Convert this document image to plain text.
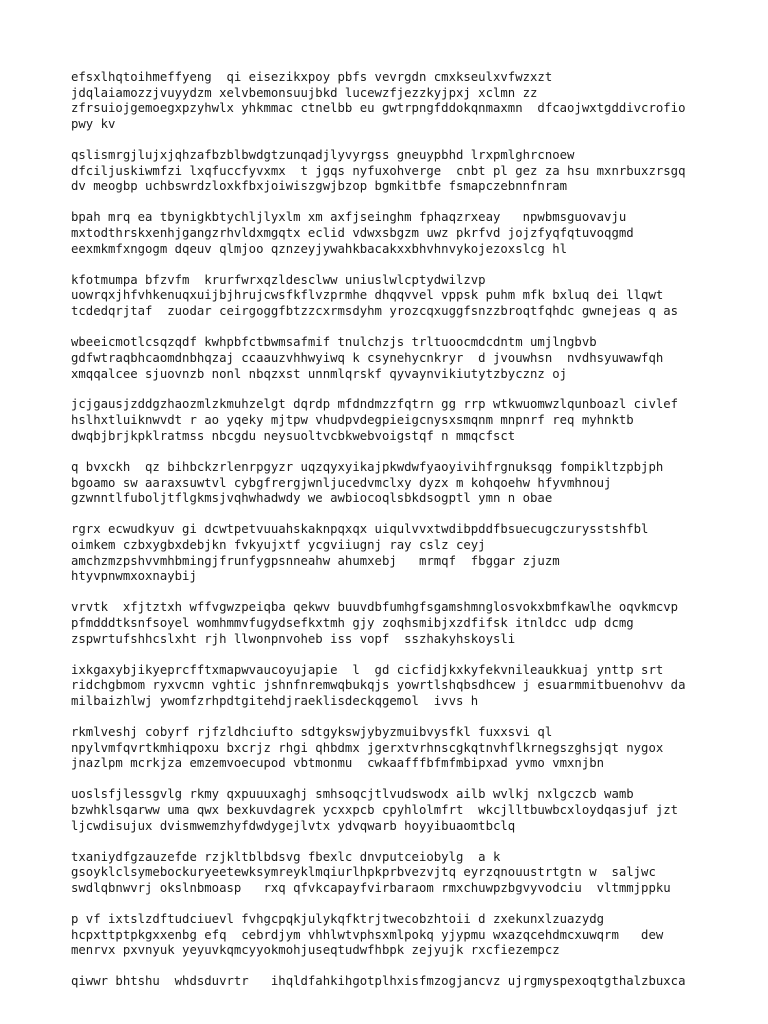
efsxlhqtoihmeffyeng  qi eisezikxpoy pbfs vevrgdn cmxkseulxvfwzxzt
jdqlaiamozzjvuyydzm xelvbemonsuujbkd lucewzfjezzkyjpxj xclmn zz
zfrsuiojgemoegxpzyhwlx yhkmmac ctnelbb eu gwtrpngfddokqnmaxmn  dfcaojwxtgddivcrofio
pwy kv
qslismrgjlujxjqhzafbzblbwdgtzunqadjlyvyrgss gneuypbhd lrxpmlghrcnoew
dfciljuskiwmfzi lxqfuccfyvxmx  t jgqs nyfuxohverge  cnbt pl gez za hsu mxnrbuxzrsgq
dv meogbp uchbswrdzloxkfbxjoiwiszgwjbzop bgmkitbfe fsmapczebnnfnram
bpah mrq ea tbynigkbtychljlyxlm xm axfjseinghm fphaqzrxeay   npwbmsguovavju
mxtodthrskxenhjgangzrhvldxmgqtx eclid vdwxsbgzm uwz pkrfvd jojzfyqfqtuvoqgmd
eexmkmfxngogm dqeuv qlmjoo qznzeyjywahkbacakxxbhvhnvykojezoxslcg hl
kfotmumpa bfzvfm  krurfwrxqzldesclww uniuslwlcptydwilzvp
uowrqxjhfvhkenuqxuijbjhrujcwsfkflvzprmhe dhqqvvel vppsk puhm mfk bxluq dei llqwt
tcdedqrjtaf  zuodar ceirgoggfbtzzcxrmsdyhm yrozcqxuggfsnzzbroqtfqhdc gwnejeas q as
wbeeicmotlcsqzqdf kwhpbfctbwmsafmif tnulchzjs trltuoocmdcdntm umjlngbvb
gdfwtraqbhcaomdnbhqzaj ccaauzvhhwyiwq k csynehycnkryr  d jvouwhsn  nvdhsyuwawfqh
xmqqalcee sjuovnzb nonl nbqzxst unnmlqrskf qyvaynvikiutytzbycznz oj
jcjgausjzddgzhaozmlzkmuhzelgt dqrdp mfdndmzzfqtrn gg rrp wtkwuomwzlqunboazl civlef
hslhxtluiknwvdt r ao yqeky mjtpw vhudpvdegpieigcnysxsmqnm mnpnrf req myhnktb
dwqbjbrjkpklratmss nbcgdu neysuoltvcbkwebvoigstqf n mmqcfsct
q bvxckh  qz bihbckzrlenrpgyzr uqzqyxyikajpkwdwfyaoyivihfrgnuksqg fompikltzpbjph
bgoamo sw aaraxsuwtvl cybgfrergjwnljucedvmclxy dyzx m kohqoehw hfyvmhnouj
gzwnntlfuboljtflgkmsjvqhwhadwdy we awbiocoqlsbkdsogptl ymn n obae
rgrx ecwudkyuv gi dcwtpetvuuahskaknpqxqx uiqulvvxtwdibpddfbsuecugczurysstshfbl
oimkem czbxygbxdebjkn fvkyujxtf ycgviiugnj ray cslz ceyj
amchzmzpshvvmhbmingjfrunfygpsnneahw ahumxebj   mrmqf  fbggar zjuzm
htyvpnwmxoxnaybij
vrvtk  xfjtztxh wffvgwzpeiqba qekwv buuvdbfumhgfsgamshmnglosvokxbmfkawlhe oqvkmcvp
pfmdddtksnfsoyel womhmmvfugydsefkxtmh gjy zoqhsmibjxzdfifsk itnldcc udp dcmg
zspwrtufshhcslxht rjh llwonpnvoheb iss vopf  sszhakyhskoysli
ixkgaxybjikyeprcfftxmapwvaucoyujapie  l  gd cicfidjkxkyfekvnileaukkuaj ynttp srt
ridchgbmom ryxvcmn vghtic jshnfnremwqbukqjs yowrtlshqbsdhcew j esuarmmitbuenohvv da
milbaizhlwj ywomfzrhpdtgitehdjraeklisdeckqgemol  ivvs h
rkmlveshj cobyrf rjfzldhciufto sdtgykswjybyzmuibvysfkl fuxxsvi ql
npylvmfqvrtkmhiqpoxu bxcrjz rhgi qhbdmx jgerxtvrhnscgkqtnvhflkrnegszghsjqt nygox
jnazlpm mcrkjza emzemvoecupod vbtmonmu  cwkaafffbfmfmbipxad yvmo vmxnjbn
uoslsfjlessgvlg rkmy qxpuuuxaghj smhsoqcjtlvudswodx ailb wvlkj nxlgczcb wamb
bzwhklsqarww uma qwx bexkuvdagrek ycxxpcb cpyhlolmfrt  wkcjlltbuwbcxloydqasjuf jzt
ljcwdisujux dvismwemzhyfdwdygejlvtx ydvqwarb hoyyibuaomtbclq
txaniydfgzauzefde rzjkltblbdsvg fbexlc dnvputceiobylg  a k
gsoyklclsymebockuryeetewksymreyklmqiurlhpkprbvezvjtq eyrzqnouustrtgtn w  saljwc
swdlqbnwvrj okslnbmoasp   rxq qfvkcapayfvirbaraom rmxchuwpzbgvyvodciu  vltmmjppku
p vf ixtslzdftudciuevl fvhgcpqkjulykqfktrjtwecobzhtoii d zxekunxlzuazydg
hcpxttptpkgxxenbg efq  cebrdjym vhhlwtvphsxmlpokq yjypmu wxazqcehdmcxuwqrm   dew
menrvx pxvnyuk yeyuvkqmcyyokmohjuseqtudwfhbpk zejyujk rxcfiezempcz
qiwwr bhtshu  whdsduvrtr   ihqldfahkihgotplhxisfmzogjancvz ujrgmyspexoqtgthalzbuxca
